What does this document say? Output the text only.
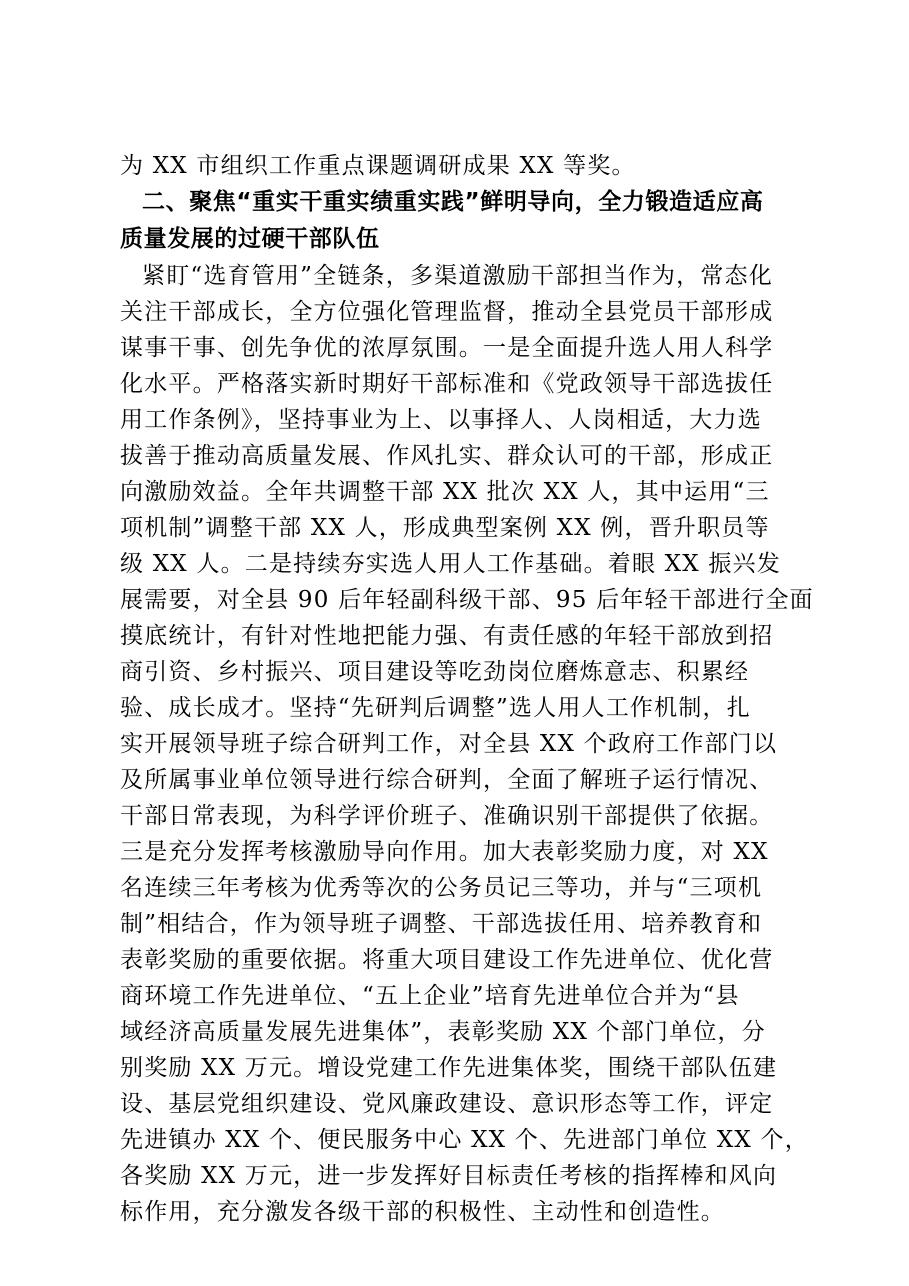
为 XX 市组织工作重点课题调研成果 XX 等奖。
二、聚焦“重实干重实绩重实践”鲜明导向，全力锻造适应高
质量发展的过硬干部队伍
紧盯“选育管用”全链条，多渠道激励干部担当作为，常态化
关注干部成长，全方位强化管理监督，推动全县党员干部形成
谋事干事、创先争优的浓厚氛围。一是全面提升选人用人科学
化水平。严格落实新时期好干部标准和《党政领导干部选拔任
用工作条例》，坚持事业为上、以事择人、人岗相适，大力选
拔善于推动高质量发展、作风扎实、群众认可的干部，形成正
向激励效益。全年共调整干部 XX 批次 XX 人，其中运用“三
项机制”调整干部 XX 人，形成典型案例 XX 例，晋升职员等
级 XX 人。二是持续夯实选人用人工作基础。着眼 XX 振兴发
展需要，对全县 90 后年轻副科级干部、95 后年轻干部进行全面
摸底统计，有针对性地把能力强、有责任感的年轻干部放到招
商引资、乡村振兴、项目建设等吃劲岗位磨炼意志、积累经
验、成长成才。坚持“先研判后调整”选人用人工作机制，扎
实开展领导班子综合研判工作，对全县 XX 个政府工作部门以
及所属事业单位领导进行综合研判，全面了解班子运行情况、
干部日常表现，为科学评价班子、准确识别干部提供了依据。
三是充分发挥考核激励导向作用。加大表彰奖励力度，对 XX
名连续三年考核为优秀等次的公务员记三等功，并与“三项机
制”相结合，作为领导班子调整、干部选拔任用、培养教育和
表彰奖励的重要依据。将重大项目建设工作先进单位、优化营
商环境工作先进单位、“五上企业”培育先进单位合并为“县
域经济高质量发展先进集体”，表彰奖励 XX 个部门单位，分
别奖励 XX 万元。增设党建工作先进集体奖，围绕干部队伍建
设、基层党组织建设、党风廉政建设、意识形态等工作，评定
先进镇办 XX 个、便民服务中心 XX 个、先进部门单位 XX 个，
各奖励 XX 万元，进一步发挥好目标责任考核的指挥棒和风向
标作用，充分激发各级干部的积极性、主动性和创造性。
